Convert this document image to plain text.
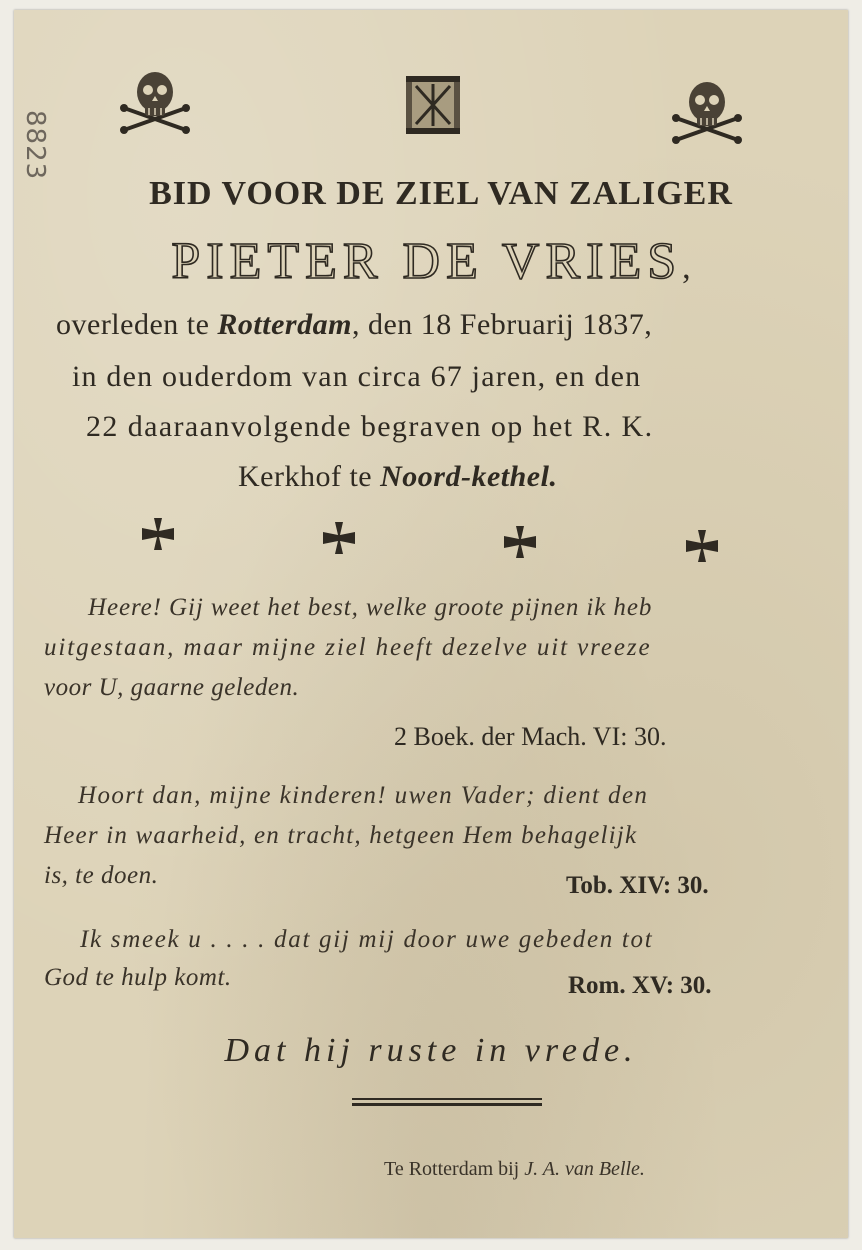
8823
BID VOOR DE ZIEL VAN ZALIGER
PIETER DE VRIES,
overleden te Rotterdam, den 18 Februarij 1837,
in den ouderdom van circa 67 jaren, en den
22 daaraanvolgende begraven op het R. K.
Kerkhof te Noord-kethel.
Heere! Gij weet het best, welke groote pijnen ik heb
uitgestaan, maar mijne ziel heeft dezelve uit vreeze
voor U, gaarne geleden.
2 Boek. der Mach. VI: 30.
Hoort dan, mijne kinderen! uwen Vader; dient den
Heer in waarheid, en tracht, hetgeen Hem behagelijk
is, te doen.	Tob. XIV: 30.
Ik smeek u . . . . dat gij mij door uwe gebeden tot
God te hulp komt.	Rom. XV: 30.
Dat hij ruste in vrede.
Te Rotterdam bij J. A. van Belle.
